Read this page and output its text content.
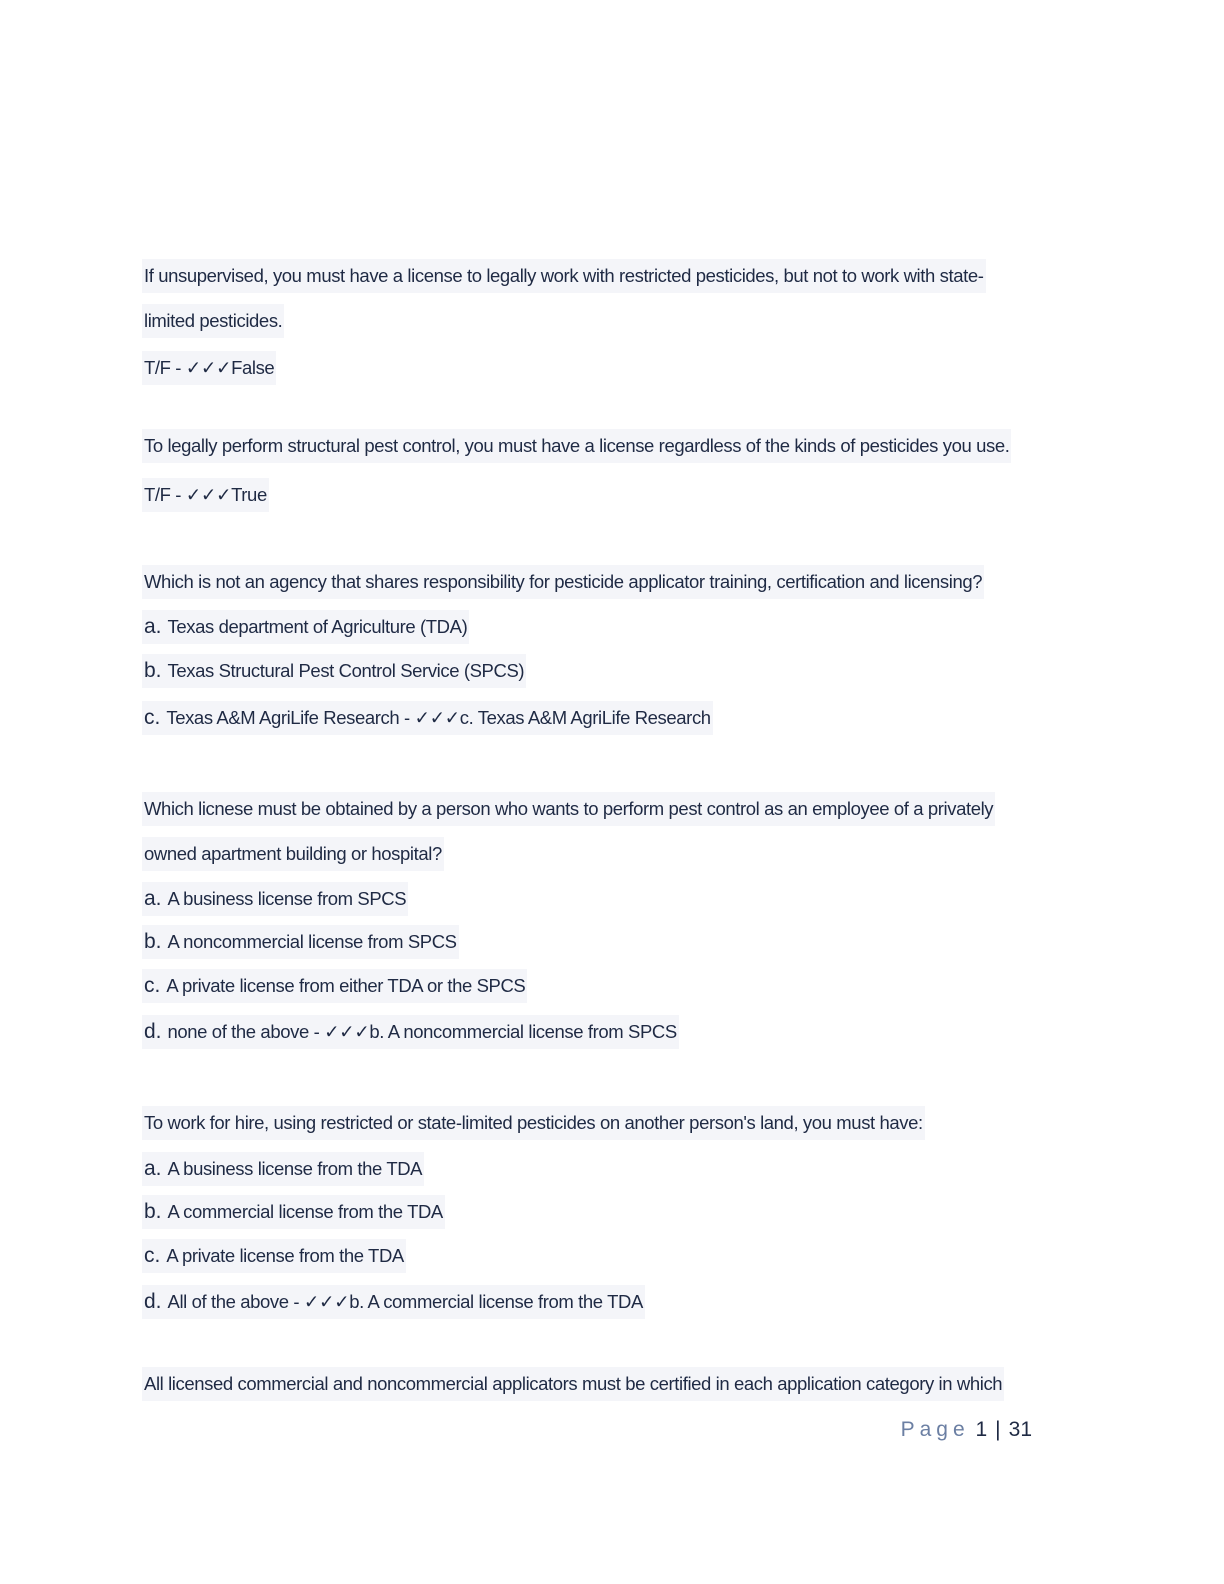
If unsupervised, you must have a license to legally work with restricted pesticides, but not to work with state-
limited pesticides.
T/F - ✓✓✓False
To legally perform structural pest control, you must have a license regardless of the kinds of pesticides you use.
T/F - ✓✓✓True
Which is not an agency that shares responsibility for pesticide applicator training, certification and licensing?
a. Texas department of Agriculture (TDA)
b. Texas Structural Pest Control Service (SPCS)
c. Texas A&M AgriLife Research - ✓✓✓c. Texas A&M AgriLife Research
Which licnese must be obtained by a person who wants to perform pest control as an employee of a privately
owned apartment building or hospital?
a. A business license from SPCS
b. A noncommercial license from SPCS
c. A private license from either TDA or the SPCS
d. none of the above - ✓✓✓b. A noncommercial license from SPCS
To work for hire, using restricted or state-limited pesticides on another person's land, you must have:
a. A business license from the TDA
b. A commercial license from the TDA
c. A private license from the TDA
d. All of the above - ✓✓✓b. A commercial license from the TDA
All licensed commercial and noncommercial applicators must be certified in each application category in which
Page 1 | 31
